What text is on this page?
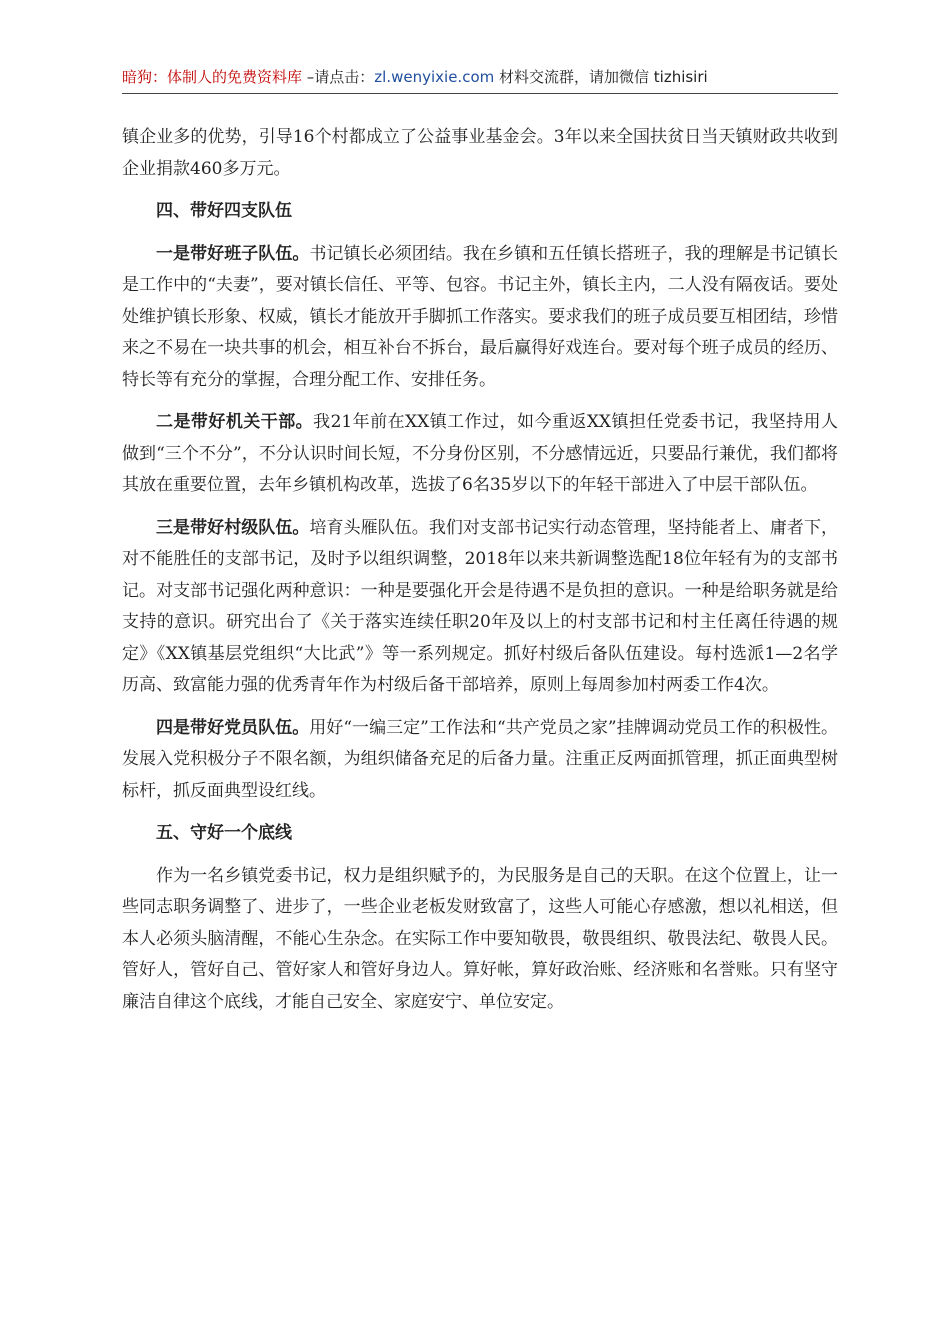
暗狗：体制人的免费资料库 –请点击：zl.wenyixie.com 材料交流群，请加微信 tizhisiri

镇企业多的优势，引导16个村都成立了公益事业基金会。3年以来全国扶贫日当天镇财政共收到企业捐款460多万元。

四、带好四支队伍

一是带好班子队伍。书记镇长必须团结。我在乡镇和五任镇长搭班子，我的理解是书记镇长是工作中的“夫妻”，要对镇长信任、平等、包容。书记主外，镇长主内，二人没有隔夜话。要处处维护镇长形象、权威，镇长才能放开手脚抓工作落实。要求我们的班子成员要互相团结，珍惜来之不易在一块共事的机会，相互补台不拆台，最后赢得好戏连台。要对每个班子成员的经历、特长等有充分的掌握，合理分配工作、安排任务。

二是带好机关干部。我21年前在XX镇工作过，如今重返XX镇担任党委书记，我坚持用人做到“三个不分”，不分认识时间长短，不分身份区别，不分感情远近，只要品行兼优，我们都将其放在重要位置，去年乡镇机构改革，选拔了6名35岁以下的年轻干部进入了中层干部队伍。

三是带好村级队伍。培育头雁队伍。我们对支部书记实行动态管理，坚持能者上、庸者下，对不能胜任的支部书记，及时予以组织调整，2018年以来共新调整选配18位年轻有为的支部书记。对支部书记强化两种意识：一种是要强化开会是待遇不是负担的意识。一种是给职务就是给支持的意识。研究出台了《关于落实连续任职20年及以上的村支部书记和村主任离任待遇的规定》《XX镇基层党组织“大比武”》等一系列规定。抓好村级后备队伍建设。每村选派1—2名学历高、致富能力强的优秀青年作为村级后备干部培养，原则上每周参加村两委工作4次。

四是带好党员队伍。用好“一编三定”工作法和“共产党员之家”挂牌调动党员工作的积极性。发展入党积极分子不限名额，为组织储备充足的后备力量。注重正反两面抓管理，抓正面典型树标杆，抓反面典型设红线。

五、守好一个底线

作为一名乡镇党委书记，权力是组织赋予的，为民服务是自己的天职。在这个位置上，让一些同志职务调整了、进步了，一些企业老板发财致富了，这些人可能心存感激，想以礼相送，但本人必须头脑清醒，不能心生杂念。在实际工作中要知敬畏，敬畏组织、敬畏法纪、敬畏人民。管好人，管好自己、管好家人和管好身边人。算好帐，算好政治账、经济账和名誉账。只有坚守廉洁自律这个底线，才能自己安全、家庭安宁、单位安定。
